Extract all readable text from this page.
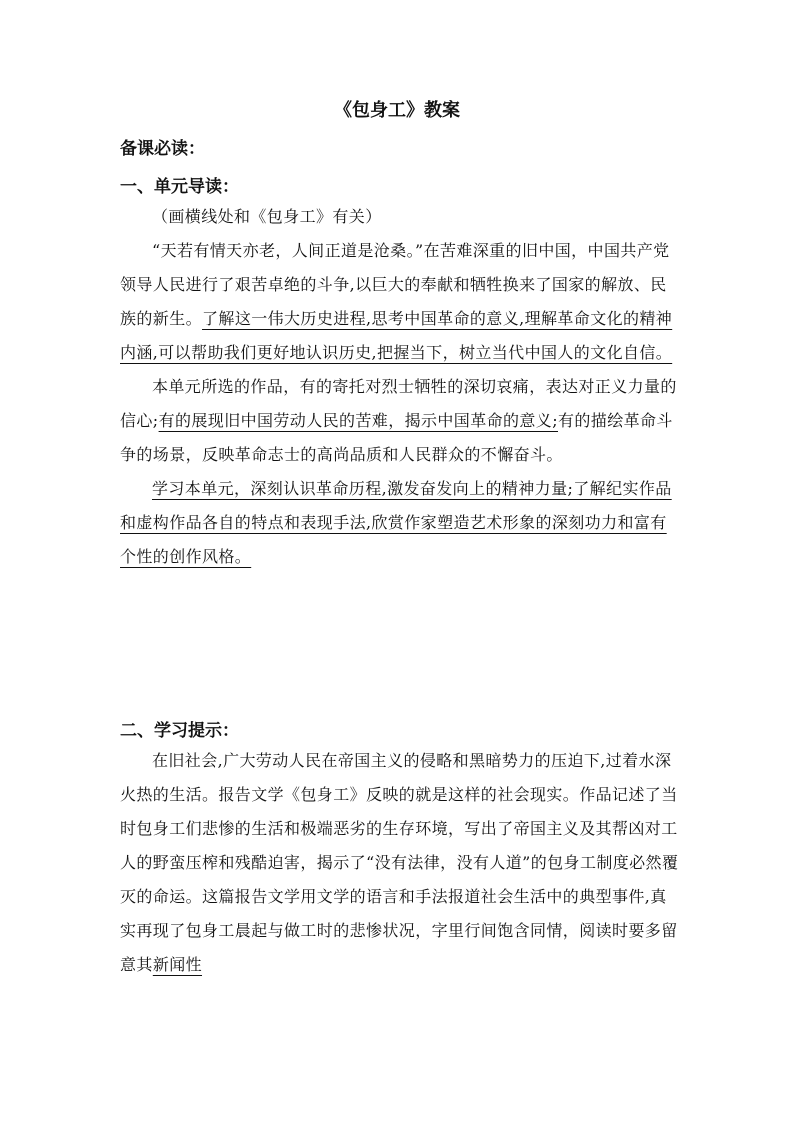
《包身工》教案
备课必读：
一、单元导读：

（画横线处和《包身工》有关）

“天若有情天亦老，人间正道是沧桑。”在苦难深重的旧中国，中国共产党领导人民进行了艰苦卓绝的斗争,以巨大的奉献和牺牲换来了国家的解放、民族的新生。了解这一伟大历史进程,思考中国革命的意义,理解革命文化的精神内涵,可以帮助我们更好地认识历史,把握当下，树立当代中国人的文化自信。

本单元所选的作品，有的寄托对烈士牺牲的深切哀痛，表达对正义力量的信心;有的展现旧中国劳动人民的苦难，揭示中国革命的意义;有的描绘革命斗争的场景，反映革命志士的高尚品质和人民群众的不懈奋斗。

学习本单元，深刻认识革命历程,激发奋发向上的精神力量;了解纪实作品和虚构作品各自的特点和表现手法,欣赏作家塑造艺术形象的深刻功力和富有个性的创作风格。

二、学习提示：

在旧社会,广大劳动人民在帝国主义的侵略和黑暗势力的压迫下,过着水深火热的生活。报告文学《包身工》反映的就是这样的社会现实。作品记述了当时包身工们悲惨的生活和极端恶劣的生存环境，写出了帝国主义及其帮凶对工人的野蛮压榨和残酷迫害，揭示了“没有法律，没有人道”的包身工制度必然覆灭的命运。这篇报告文学用文学的语言和手法报道社会生活中的典型事件,真实再现了包身工晨起与做工时的悲惨状况，字里行间饱含同情，阅读时要多留意其新闻性
